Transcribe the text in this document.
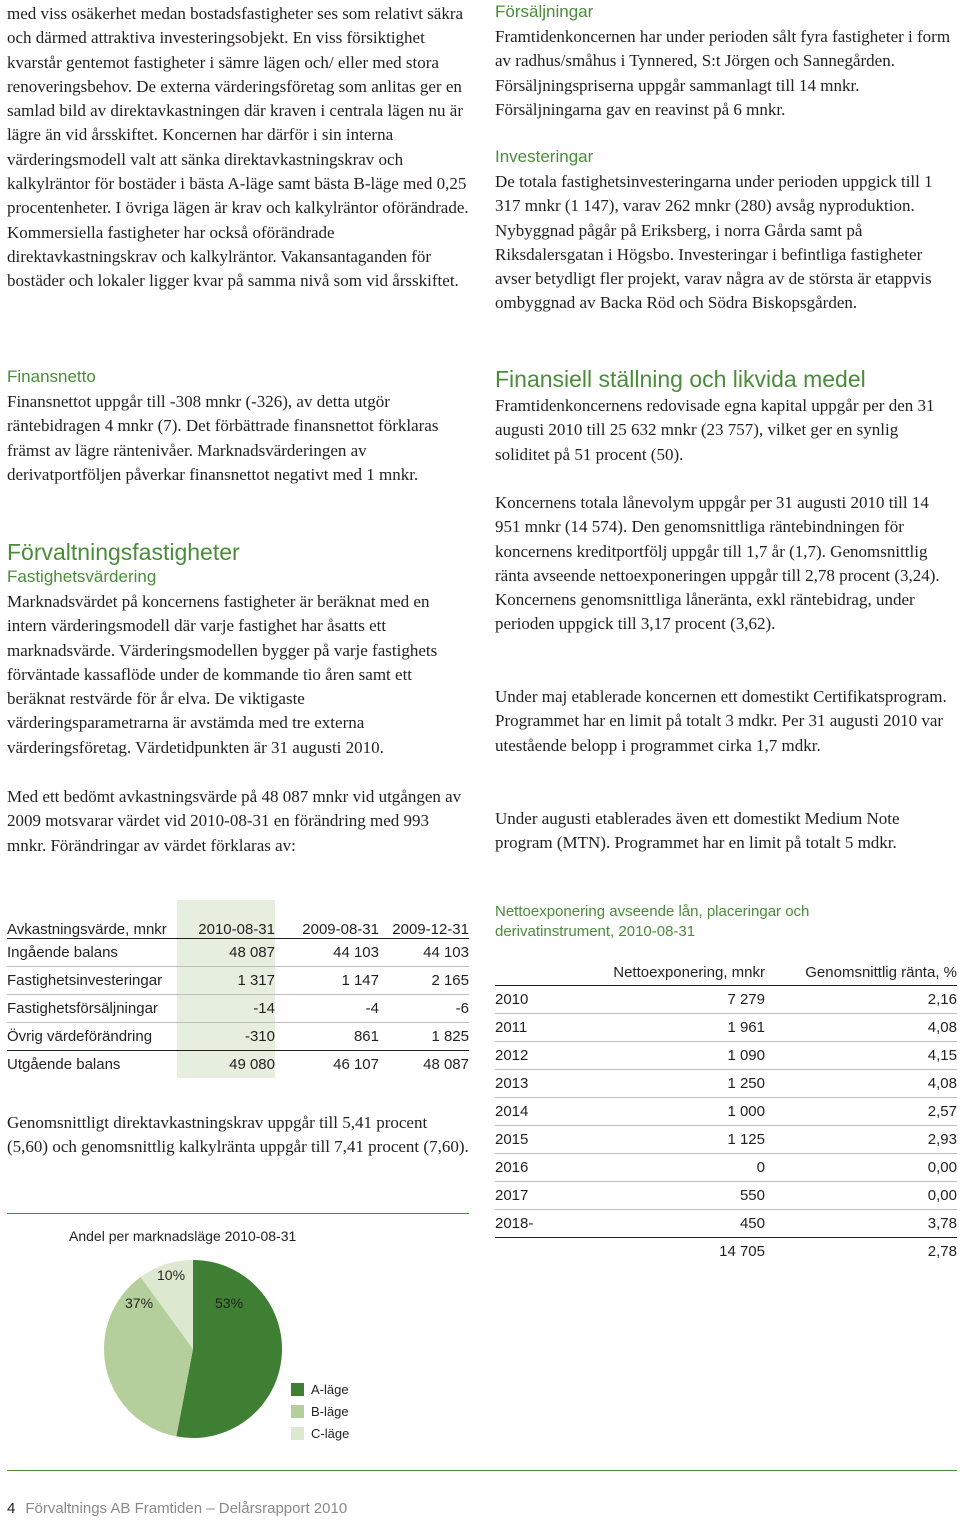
med viss osäkerhet medan bostadsfastigheter ses som relativt säkra och därmed attraktiva investeringsobjekt. En viss försiktighet kvarstår gentemot fastigheter i sämre lägen och/ eller med stora renoveringsbehov. De externa värderingsföretag som anlitas ger en samlad bild av direktavkastningen där kraven i centrala lägen nu är lägre än vid årsskiftet. Koncernen har därför i sin interna värderingsmodell valt att sänka direktavkastningskrav och kalkylräntor för bostäder i bästa A-läge samt bästa B-läge med 0,25 procentenheter. I övriga lägen är krav och kalkylräntor oförändrade. Kommersiella fastigheter har också oförändrade direktavkastningskrav och kalkylräntor. Vakansantaganden för bostäder och lokaler ligger kvar på samma nivå som vid årsskiftet.

Finansnetto

Finansnettot uppgår till -308 mnkr (-326), av detta utgör räntebidragen 4 mnkr (7). Det förbättrade finansnettot förklaras främst av lägre räntenivåer. Marknadsvärderingen av derivatportföljen påverkar finansnettot negativt med 1 mnkr.

Förvaltningsfastigheter
Fastighetsvärdering

Marknadsvärdet på koncernens fastigheter är beräknat med en intern värderingsmodell där varje fastighet har åsatts ett marknadsvärde. Värderingsmodellen bygger på varje fastighets förväntade kassaflöde under de kommande tio åren samt ett beräknat restvärde för år elva. De viktigaste värderingsparametrarna är avstämda med tre externa värderingsföretag. Värdetidpunkten är 31 augusti 2010.

Med ett bedömt avkastningsvärde på 48 087 mnkr vid utgången av 2009 motsvarar värdet vid 2010-08-31 en förändring med 993 mnkr. Förändringar av värdet förklaras av:

Avkastningsvärde, mnkr	2010-08-31	2009-08-31	2009-12-31
Ingående balans	48 087	44 103	44 103
Fastighetsinvesteringar	1 317	1 147	2 165
Fastighetsförsäljningar	-14	-4	-6
Övrig värdeförändring	-310	861	1 825
Utgående balans	49 080	46 107	48 087

Genomsnittligt direktavkastningskrav uppgår till 5,41 procent (5,60) och genomsnittlig kalkylränta uppgår till 7,41 procent (7,60).

Andel per marknadsläge 2010-08-31
53%
37%
10%
A-läge
B-läge
C-läge
Försäljningar

Framtidenkoncernen har under perioden sålt fyra fastigheter i form av radhus/småhus i Tynnered, S:t Jörgen och Sannegården. Försäljningspriserna uppgår sammanlagt till 14 mnkr. Försäljningarna gav en reavinst på 6 mnkr.

Investeringar

De totala fastighetsinvesteringarna under perioden uppgick till 1 317 mnkr (1 147), varav 262 mnkr (280) avsåg nyproduktion. Nybyggnad pågår på Eriksberg, i norra Gårda samt på Riksdalersgatan i Högsbo. Investeringar i befintliga fastigheter avser betydligt fler projekt, varav några av de största är etappvis ombyggnad av Backa Röd och Södra Biskopsgården.

Finansiell ställning och likvida medel

Framtidenkoncernens redovisade egna kapital uppgår per den 31 augusti 2010 till 25 632 mnkr (23 757), vilket ger en synlig soliditet på 51 procent (50).

Koncernens totala lånevolym uppgår per 31 augusti 2010 till 14 951 mnkr (14 574). Den genomsnittliga räntebindningen för koncernens kreditportfölj uppgår till 1,7 år (1,7). Genomsnittlig ränta avseende nettoexponeringen uppgår till 2,78 procent (3,24). Koncernens genomsnittliga låneränta, exkl räntebidrag, under perioden uppgick till 3,17 procent (3,62).

Under maj etablerade koncernen ett domestikt Certifikatsprogram. Programmet har en limit på totalt 3 mdkr. Per 31 augusti 2010 var utestående belopp i programmet cirka 1,7 mdkr.

Under augusti etablerades även ett domestikt Medium Note program (MTN). Programmet har en limit på totalt 5 mdkr.

Nettoexponering avseende lån, placeringar och derivatinstrument, 2010-08-31
	Nettoexponering, mnkr	Genomsnittlig ränta, %
2010	7 279	2,16
2011	1 961	4,08
2012	1 090	4,15
2013	1 250	4,08
2014	1 000	2,57
2015	1 125	2,93
2016	0	0,00
2017	550	0,00
2018-	450	3,78
	14 705	2,78
4 Förvaltnings AB Framtiden – Delårsrapport 2010
